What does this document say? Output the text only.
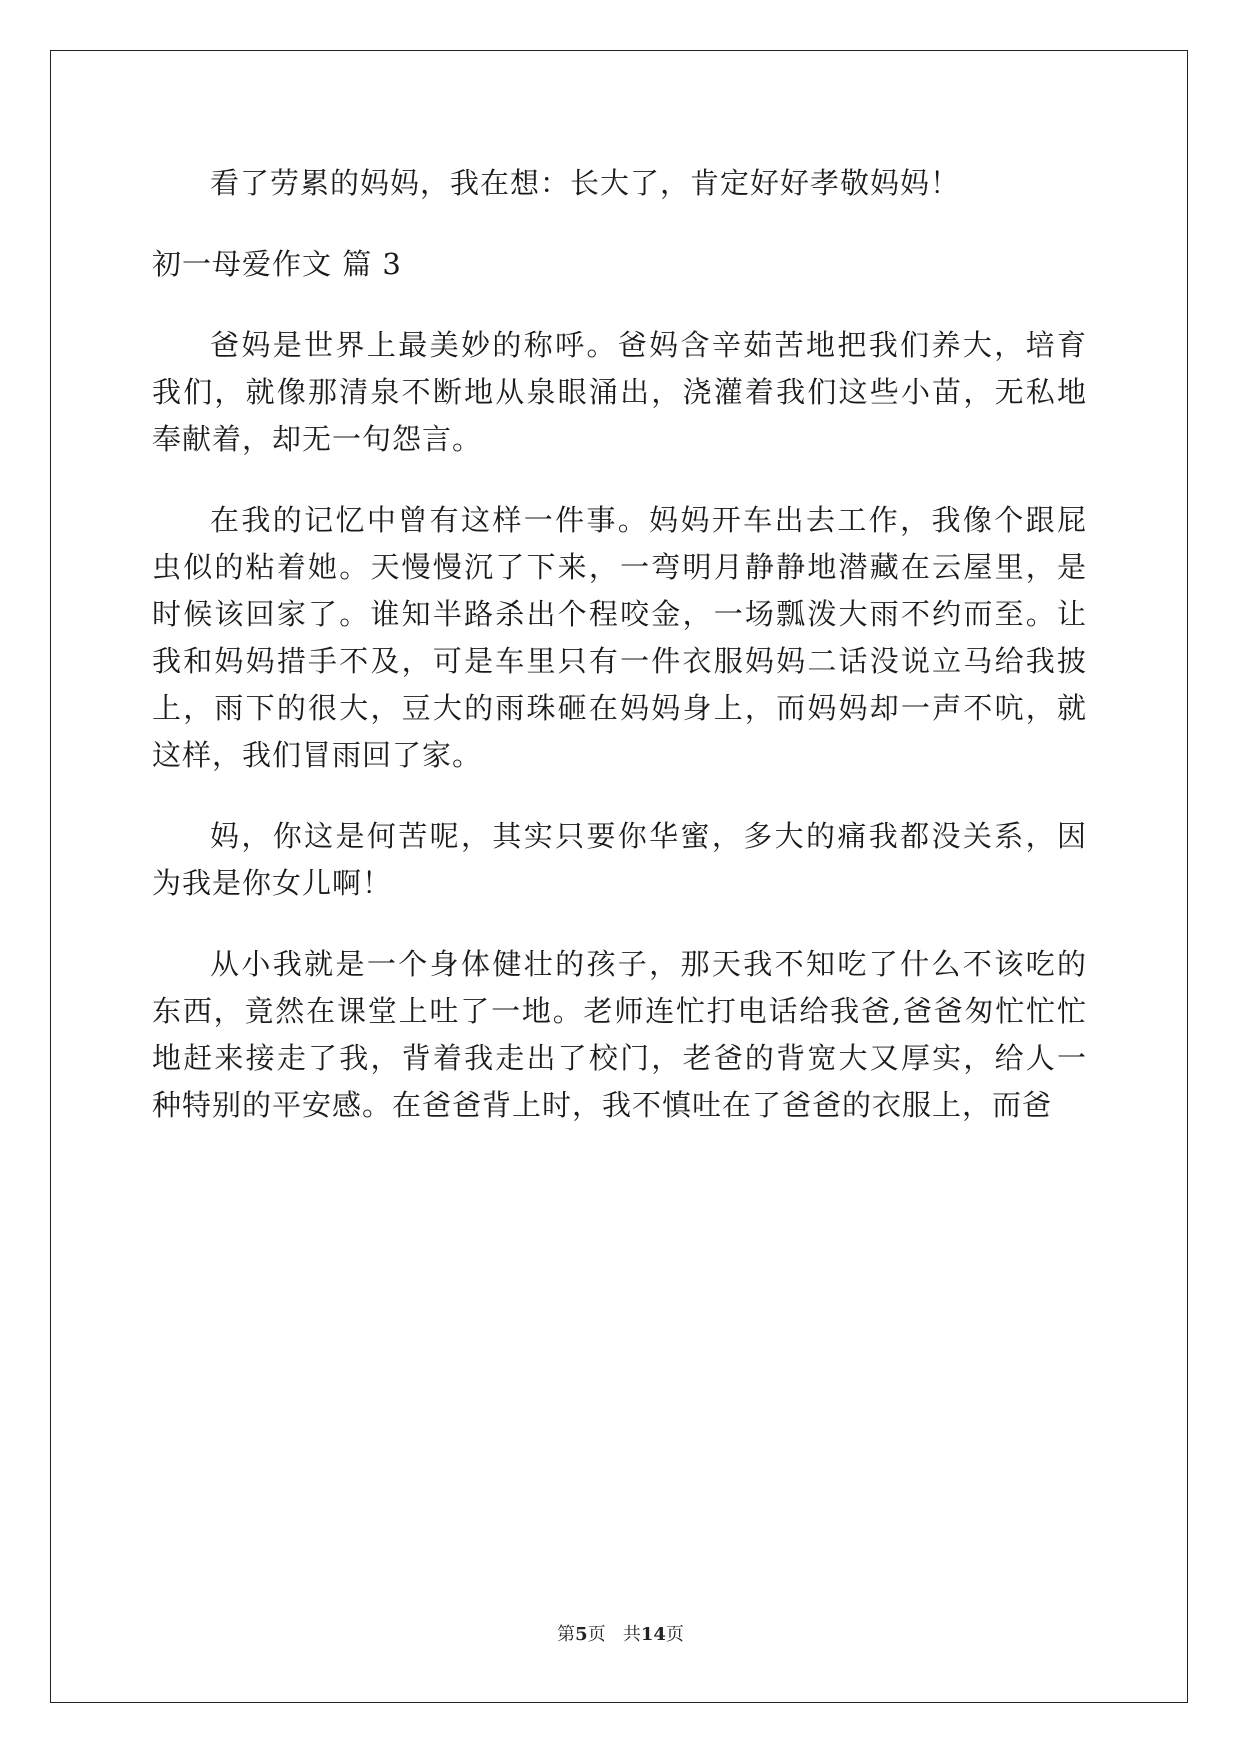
看了劳累的妈妈，我在想：长大了，肯定好好孝敬妈妈！
初一母爱作文 篇 3
爸妈是世界上最美妙的称呼。爸妈含辛茹苦地把我们养大，培育
我们，就像那清泉不断地从泉眼涌出，浇灌着我们这些小苗，无私地
奉献着，却无一句怨言。
在我的记忆中曾有这样一件事。妈妈开车出去工作，我像个跟屁
虫似的粘着她。天慢慢沉了下来，一弯明月静静地潜藏在云屋里，是
时候该回家了。谁知半路杀出个程咬金，一场瓢泼大雨不约而至。让
我和妈妈措手不及，可是车里只有一件衣服妈妈二话没说立马给我披
上，雨下的很大，豆大的雨珠砸在妈妈身上，而妈妈却一声不吭，就
这样，我们冒雨回了家。
妈，你这是何苦呢，其实只要你华蜜，多大的痛我都没关系，因
为我是你女儿啊！
从小我就是一个身体健壮的孩子，那天我不知吃了什么不该吃的
东西，竟然在课堂上吐了一地。老师连忙打电话给我爸,爸爸匆忙忙忙
地赶来接走了我，背着我走出了校门，老爸的背宽大又厚实，给人一
种特别的平安感。在爸爸背上时，我不慎吐在了爸爸的衣服上，而爸
第5页 共14页
